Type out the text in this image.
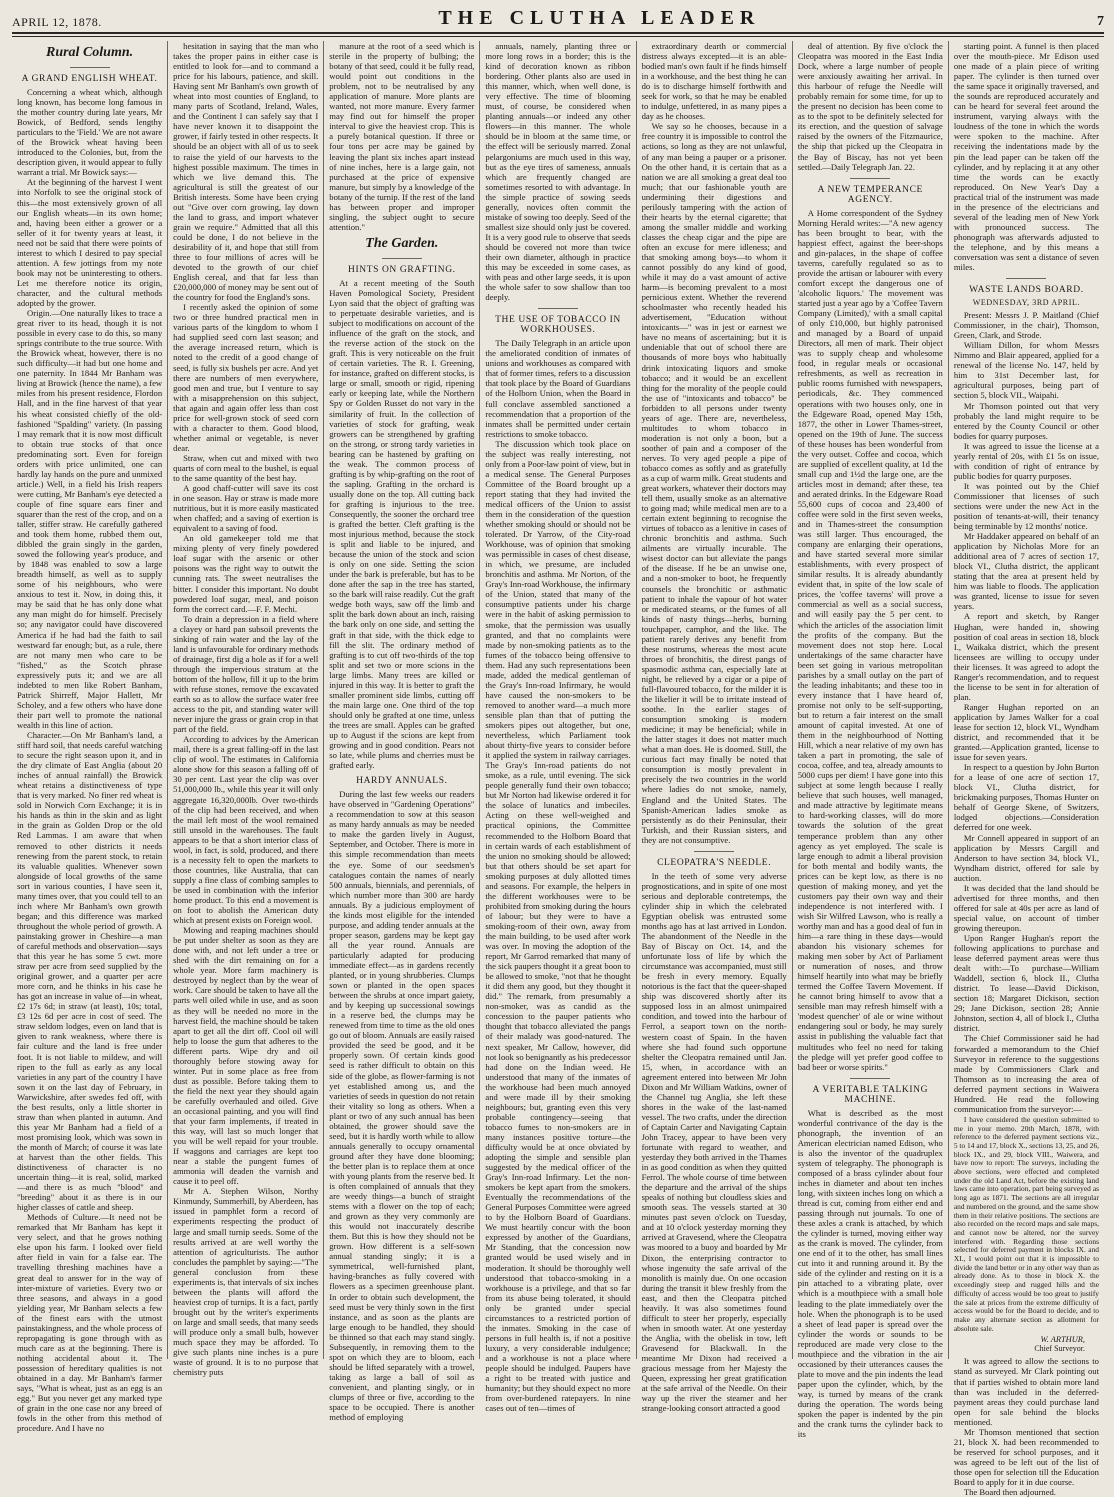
APRIL 12, 1878.	THE CLUTHA LEADER	7
Rural Column.
A GRAND ENGLISH WHEAT.

Concerning a wheat which, although long known, has become long famous in the mother country during late years, Mr Bowick, of Bedford, sends lengthy particulars to the 'Field.' We are not aware of the Browick wheat having been introduced to the Colonies, but, from the description given, it would appear to fully warrant a trial. Mr Bowick says:—

At the beginning of the harvest I went into Norfolk to see the original stock of this—the most extensively grown of all our English wheats—in its own home; and, having been either a grower or a seller of it for twenty years at least, it need not be said that there were points of interest to which I desired to pay special attention. A few jottings from my note book may not be uninteresting to others. Let me therefore notice its origin, character, and the cultural methods adopted by the grower.

Origin.—One naturally likes to trace a great river to its head, though it is not possible in every case to do this, so many springs contribute to the true source. With the Browick wheat, however, there is no such difficulty—it had but one home and one paternity. In 1844 Mr Banham was living at Browick (hence the name), a few miles from his present residence, Flordon Hall, and in the fine harvest of that year his wheat consisted chiefly of the old-fashioned "Spalding" variety. (In passing I may remark that it is now most difficult to obtain true stocks of that once predominating sort. Even for foreign orders with price unlimited, one can hardly lay hands on the pure and unmixed article.) Well, in a field his Irish reapers were cutting, Mr Banham's eye detected a couple of fine square ears finer and squarer than the rest of the crop, and on a taller, stiffer straw. He carefully gathered and took them home, rubbed them out, dibbled the grain singly in the garden, sowed the following year's produce, and by 1848 was enabled to sow a large breadth himself, as well as to supply some of his neighbours, who were anxious to test it. Now, in doing this, it may be said that he has only done what any man might do for himself. Precisely so; any navigator could have discovered America if he had had the faith to sail westward far enough; but, as a rule, there are not many men who care to be "fished," as the Scotch phrase expressively puts it; and we are all indebted to men like Robert Banham, Patrick Shirreff, Major Hallett, Mr Scholey, and a few others who have done their part well to promote the national wealth in this line of action.

Character.—On Mr Banham's land, a stiff hard soil, that needs careful watching to secure the right season upon it, and in the dry climate of East Anglia (about 20 inches of annual rainfall) the Browick wheat retains a distinctiveness of type that is very marked. No finer red wheat is sold in Norwich Corn Exchange; it is in his hands as thin in the skin and as light in the grain as Golden Drop or the old Red Lammas. I am aware that when removed to other districts it needs renewing from the parent stock, to retain its valuable qualities. Whenever sown alongside of local growths of the same sort in various counties, I have seen it, many times over, that you could tell to an inch where Mr Banham's own growth began; and this difference was marked throughout the whole period of growth. A painstaking grower in Cheshire—a man of careful methods and observation—says that this year he has some 5 cwt. more straw per acre from seed supplied by the original grower, and a quarter per acre more corn, and he thinks in his case he has got an increase in value of—in wheat, £2 17s 6d; in straw (at least), 10s; total, £3 12s 6d per acre in cost of seed. The straw seldom lodges, even on land that is given to rank weakness, where there is fair culture and the land is free under foot. It is not liable to mildew, and will ripen to the full as early as any local varieties in any part of the country I have sown it on the last day of February, in Warwickshire, after swedes fed off, with the best results, only a little shorter in straw than when planted in autumn. And this year Mr Banham had a field of a most promising look, which was sown in the month of March; of course it was late at harvest than the other fields. This distinctiveness of character is no uncertain thing—it is real, solid, marked—and there is as much "blood" and "breeding" about it as there is in our higher classes of cattle and sheep.

Methods of Culture.—It need not be remarked that Mr Banham has kept it very select, and that he grows nothing else upon his farm. I looked over field after field in vain for a false ear. The travelling threshing machines have a great deal to answer for in the way of inter-mixture of varieties. Every two or three seasons, and always in a good yielding year, Mr Banham selects a few of the finest ears with the utmost painstakingness, and the whole process of repropagating is gone through with as much care as at the beginning. There is nothing accidental about it. The possession of hereditary qualities is not obtained in a day. Mr Banham's farmer says, "What is wheat, just as an egg is an egg." But you never get any marked type of grain in the one case nor any breed of fowls in the other from this method of procedure. And I have no

hesitation in saying that the man who takes the proper pains in either case is entitled to look for—and to command a price for his labours, patience, and skill. Having sent Mr Banham's own growth of wheat into most counties of England, to many parts of Scotland, Ireland, Wales, and the Continent I can safely say that I have never known it to disappoint the grower, if fairly tested in other respects. It should be an object with all of us to seek to raise the yield of our harvests to the highest possible maximum. The times in which we live demand this. The agricultural is still the greatest of our British interests. Some have been crying out "Give over corn growing, lay down the land to grass, and import whatever grain we require." Admitted that all this could be done, I do not believe in the desirability of it, and hope that still from three to four millions of acres will be devoted to the growth of our chief English cereal, and that far less than £20,000,000 of money may be sent out of the country for food the England's sons.

I recently asked the opinion of some two or three hundred practical men in various parts of the kingdom to whom I had supplied seed corn last season; and the average increased return, which is noted to the credit of a good change of seed, is fully six bushels per acre. And yet there are numbers of men everywhere, good men and true, but I venture to say with a misapprehension on this subject, that again and again offer less than cost price for well-grown stock of seed corn with a character to them. Good blood, whether animal or vegetable, is never dear.

Straw, when cut and mixed with two quarts of corn meal to the bushel, is equal to the same quantity of the best hay.

A good chaff-cutter will save its cost in one season. Hay or straw is made more nutritious, but it is more easily masticated when chaffed; and a saving of exertion is equivalent to a saving of food.

An old gamekeeper told me that mixing plenty of very finely powdered loaf sugar with the arsenic or other poisons was the right way to outwit the cunning rats. The sweet neutralises the bitter. I consider this important. No doubt powdered loaf sugar, meal, and poison form the correct card.—F. F. Mechi.

To drain a depression in a field where a clayey or hard pan subsoil prevents the sinking of rain water and the lay of the land is unfavourable for ordinary methods of drainage, first dig a hole as if for a well through the impervious stratum at the bottom of the hollow, fill it up to the brim with refuse stones, remove the excavated earth so as to allow the surface water free access to the pit, and standing water will never injure the grass or grain crop in that part of the field.

According to advices by the American mail, there is a great falling-off in the last clip of wool. The estimates in California alone show for this season a falling off of 30 per cent. Last year the clip was over 51,000,000 lb., while this year it will only aggregate 16,320,000lb. Over two-thirds of the clip had been received, and when the mail left most of the wool remained still unsold in the warehouses. The fault appears to be that a short interior class of wool, in fact, is sold, produced, and there is a necessity felt to open the markets to those countries, like Australia, that can supply a fine class of combing samples to be used in combination with the inferior home product. To this end a movement is on foot to abolish the American duty which at present exists on Foreign wool.

Mowing and reaping machines should be put under shelter as soon as they are done with, and not left under a tree or shed with the dirt remaining on for a whole year. More farm machinery is destroyed by neglect than by the wear of work. Care should be taken to have all the parts well oiled while in use, and as soon as they will be needed no more in the harvest field, the machine should be taken apart to get all the dirt off. Cool oil will help to loose the gum that adheres to the different parts. Wipe dry and oil thoroughly before stowing away for winter. Put in some place as free from dust as possible. Before taking them to the field the next year they should again be carefully overhauled and oiled. Give an occasional painting, and you will find that your farm implements, if treated in this way, will last so much longer that you will be well repaid for your trouble. If waggons and carriages are kept too near a stable the pungent fumes of ammonia will deaden the varnish and cause it to peel off.

Mr A. Stephen Wilson, Northy Kinmundy, Summerhill, by Aberdeen, has issued in pamphlet form a record of experiments respecting the product of large and small turnip seeds. Some of the results arrived at are well worthy the attention of agriculturists. The author concludes the pamphlet by saying:—"The general conclusion from these experiments is, that intervals of six inches between the plants will afford the heaviest crop of turnips. It is a fact, partly brought out by the writer's experiments on large and small seeds, that many seeds will produce only a small bulb, however much space they may be afforded. To give such plants nine inches is a pure waste of ground. It is to no purpose that chemistry puts

manure at the root of a seed which is sterile in the property of bulbing; the botany of that seed, could it be fully read, would point out conditions in the problem, not to be neutralised by any application of manure. More plants are wanted, not more manure. Every farmer may find out for himself the proper interval to give the heaviest crop. This is a purely botanical question. If three or four tons per acre may be gained by leaving the plant six inches apart instead of nine inches, here is a large gain, not purchased at the price of expensive manure, but simply by a knowledge of the botany of the turnip. If the rest of the land has between proper and improper singling, the subject ought to secure attention."

The Garden.
HINTS ON GRAFTING.

At a recent meeting of the South Haven Pomological Society, President Lyon said that the object of grafting was to perpetuate desirable varieties, and is subject to modifications on account of the influence of the graft on the stock, and the reverse action of the stock on the graft. This is very noticeable on the fruit of certain varieties. The R. I. Greening, for instance, grafted on different stocks, is large or small, smooth or rigid, ripening early or keeping late, while the Northern Spy or Golden Russet do not vary in the similarity of fruit. In the collection of varieties of stock for grafting, weak growers can be strengthened by grafting on the strong, or strong tardy varieties in bearing can be hastened by grafting on the weak. The common process of grafting is by whip-grafting on the root of the sapling. Grafting in the orchard is usually done on the top. All cutting back for grafting is injurious to the tree. Consequently, the sooner the orchard tree is grafted the better. Cleft grafting is the most injurious method, because the stock is split and liable to be injured, and because the union of the stock and scion is only on one side. Setting the scion under the bark is preferable, but has to be done after the sap in the tree has started, so the bark will raise readily. Cut the graft wedge both ways, saw off the limb and split the bark down about an inch, raising the bark only on one side, and setting the graft in that side, with the thick edge to fill the slit. The ordinary method of grafting is to cut off two-thirds of the top split and set two or more scions in the large limbs. Many trees are killed or injured in this way. It is better to graft the smaller prominent side limbs, cutting off the main large one. One third of the top should only be grafted at one time, unless the trees are small. Apples can be grafted up to August if the scions are kept from growing and in good condition. Pears not so late, while plums and cherries must be grafted early.

HARDY ANNUALS.

During the last few weeks our readers have observed in "Gardening Operations" a recommendation to sow at this season as many hardy annuals as may be needed to make the garden lively in August, September, and October. There is more in this simple recommendation than meets the eye. Some of our seedsmen's catalogues contain the names of nearly 500 annuals, biennials, and perennials, of which number more than 300 are hardy annuals. By a judicious employment of the kinds most eligible for the intended purpose, and adding tender annuals at the proper season, gardens may be kept gay all the year round. Annuals are particularly adapted for producing immediate effect—as in gardens recently planted, or in young shrubberies. Clumps sown or planted in the open spaces between the shrubs at once impart gaiety, and by keeping up successional sowings in a reserve bed, the clumps may be renewed from time to time as the old ones go out of bloom. Annuals are easily raised provided the seed be good, and it be properly sown. Of certain kinds good seed is rather difficult to obtain on this side of the globe, as flower-farming is not yet established among us, and the varieties of seeds in question do not retain their vitality so long as others. When a plant or two of any such annual has been obtained, the grower should save the seed, but it is hardly worth while to allow annuals generally to occupy ornamental ground after they have done blooming; the better plan is to replace them at once with young plants from the reserve bed. It is often complained of annuals that they are weedy things—a bunch of straight stems with a flower on the top of each; and grown as they very commonly are this would not inaccurately describe them. But this is how they should not be grown. How different is a self-sown annual standing singly; it is a symmetrical, well-furnished plant, having-branches as fully covered with flowers as a specimen greenhouse plant. In order to obtain such development, the seed must be very thinly sown in the first instance, and as soon as the plants are large enough to be handled, they should be thinned so that each may stand singly. Subsequently, in removing them to the spot on which they are to bloom, each should be lifted separately with a trowel, taking as large a ball of soil as convenient, and planting singly, or in clumps of three or five, according to the space to be occupied. There is another method of employing

annuals, namely, planting three or more long rows in a border; this is the kind of decoration known as ribbon bordering. Other plants also are used in this manner, which, when well done, is very effective. The time of blooming must, of course, be considered when planting annuals—or indeed any other flowers—in this manner. The whole should be in bloom at the same time, or the effect will be seriously marred. Zonal pelargoniums are much used in this way, but as the eye tires of sameness, annuals which are frequently changed are sometimes resorted to with advantage. In the simple practice of sowing seeds generally, novices often commit the mistake of sowing too deeply. Seed of the smallest size should only just be covered. It is a very good rule to observe that seeds should be covered not more than twice their own diameter, although in practice this may be exceeded in some cases, as with peas and other large seeds, it is upon the whole safer to sow shallow than too deeply.

THE USE OF TOBACCO IN WORKHOUSES.

The Daily Telegraph in an article upon the ameliorated condition of inmates of unions and workhouses as compared with that of former times, refers to a discussion that took place by the Board of Guardians of the Holborn Union, when the Board in full conclave assembled sanctioned a recommendation that a proportion of the inmates shall be permitted under certain restrictions to smoke tobacco.

The discussion which took place on the subject was really interesting, not only from a Poor-law point of view, but in a medical sense. The General Purposes Committee of the Board brought up a report stating that they had invited the medical officers of the Union to assist them in the consideration of the question whether smoking should or should not be tolerated. Dr Yarrow, of the City-road Workhouse, was of opinion that smoking was permissible in cases of chest disease, in which, we presume, are included bronchitis and asthma. Mr Norton, of the Gray's Inn-road Workhouse, the infirmary of the Union, stated that many of the consumptive patients under his charge were in the habit of asking permission to smoke, that the permission was usually granted, and that no complaints were made by non-smoking patients as to the fumes of the tobacco being offensive to them. Had any such representations been made, added the medical gentleman of the Gray's Inn-road Infirmary, he would have caused the non-smokers to be removed to another ward—a much more sensible plan than that of putting the smokers pipes out altogether, but one, nevertheless, which Parliament took about thirty-five years to consider before it applied the system in railway carriages. The Gray's Inn-road patients do not smoke, as a rule, until evening. The sick people generally fund their own tobacco; but Mr Norton had likewise ordered it for the solace of lunatics and imbeciles. Acting on these well-weighed and practical opinions, the Committee recommended to the Holborn Board that in certain wards of each establishment of the union no smoking should be allowed; but that others should be set apart for smoking purposes at duly allotted times and seasons. For example, the helpers in the different workhouses were to be prohibited from smoking during the hours of labour; but they were to have a smoking-room of their own, away from the main building, to be used after work was over. In moving the adoption of the report, Mr Garrod remarked that many of the sick paupers thought it a great boon to be allowed to smoke, "not that he thought it did them any good, but they thought it did." The remark, from presumably a non-smoker, was as candid as the concession to the pauper patients who thought that tobacco alleviated the pangs of their malady was good-natured. The next speaker, Mr Callow, however, did not look so benignantly as his predecessor had done on the Indian weed. He understood that many of the inmates of the workhouse had been much annoyed and were made ill by their smoking neighbours; but, granting even this very probable contingency—seeing that tobacco fumes to non-smokers are in many instances positive torture—the difficulty would be at once obviated by adopting the simple and sensible plan suggested by the medical officer of the Gray's Inn-road Infirmary. Let the non-smokers be kept apart from the smokers. Eventually the recommendations of the General Purposes Committee were agreed to by the Holborn Board of Guardians. We must heartily concur with the boon expressed by another of the Guardians, Mr Standing, that the concession now granted would be used wisely and in moderation. It should be thoroughly well understood that tobacco-smoking in a workhouse is a privilege, and that so far from its abuse being tolerated, it should only be granted under special circumstances to a restricted portion of the inmates. Smoking in the case of persons in full health is, if not a positive luxury, a very considerable indulgence; and a workhouse is not a place where people should be indulged. Paupers have a right to be treated with justice and humanity; but they should expect no more from over-burdened ratepayers. In nine cases out of ten—times of

extraordinary dearth or commercial distress always excepted—it is an able-bodied man's own fault if he finds himself in a workhouse, and the best thing he can do is to discharge himself forthwith and seek for work, so that he may be enabled to indulge, unfettered, in as many pipes a day as he chooses.

We say so he chooses, because in a free country it is impossible to control the actions, so long as they are not unlawful, of any man being a pauper or a prisoner. On the other hand, it is certain that as a nation we are all smoking a great deal too much; that our fashionable youth are undermining their digestions and perilously tampering with the action of their hearts by the eternal cigarette; that among the smaller middle and working classes the cheap cigar and the pipe are often an excuse for mere idleness; and that smoking among boys—to whom it cannot possibly do any kind of good, while it may do a vast amount of active harm—is becoming prevalent to a most pernicious extent. Whether the reverend schoolmaster who recently headed his advertisement, "Education without intoxicants—" was in jest or earnest we have no means of ascertaining; but it is undeniable that out of school there are thousands of more boys who habitually drink intoxicating liquors and smoke tobacco; and it would be an excellent thing for the morality of the people could the use of "intoxicants and tobacco" be forbidden to all persons under twenty years of age. There are, nevertheless, multitudes to whom tobacco in moderation is not only a boon, but a soother of pain and a composer of the nerves. To very aged people a pipe of tobacco comes as softly and as gratefully as a cup of warm milk. Great students and great workers, whatever their doctors may tell them, usually smoke as an alternative to going mad; while medical men are to a certain extent beginning to recognise the virtues of tobacco as a lenitive in cases of chronic bronchitis and asthma. Such ailments are virtually incurable. The wisest doctor can but alleviate the pangs of the disease. If he be an unwise one, and a non-smoker to boot, he frequently counsels the bronchitic or asthmatic patient to inhale the vapour of hot water or medicated steams, or the fumes of all kinds of nasty things—herbs, burning touchpaper, camphor, and the like. The patient rarely derives any benefit from these nostrums, whereas the most acute throes of bronchitis, the direst pangs of spasmodic asthma can, especially late at night, be relieved by a cigar or a pipe of full-flavoured tobacco, for the milder it is the likelier it will be to irritate instead of soothe. In the earlier stages of consumption smoking is modern medicine; it may be beneficial; while in the latter stages it does not matter much what a man does. He is doomed. Still, the curious fact may finally be noted that consumption is mostly prevalent in precisely the two countries in the world where ladies do not smoke, namely, England and the United States. The Spanish-American ladies smoke as persistently as do their Peninsular, their Turkish, and their Russian sisters, and they are not consumptive.

CLEOPATRA'S NEEDLE.

In the teeth of some very adverse prognostications, and in spite of one most serious and deplorable contretemps, the cylinder ship in which the celebrated Egyptian obelisk was entrusted some months ago has at last arrived in London. The abandonment of the Needle in the Bay of Biscay on Oct. 14, and the unfortunate loss of life by which the circumstance was accompanied, must still be fresh in every memory. Equally notorious is the fact that the queer-shaped ship was discovered shortly after its supposed loss in an almost unimpaired condition, and towed into the harbour of Ferrol, a seaport town on the north-western coast of Spain. In the haven where she had found such opportune shelter the Cleopatra remained until Jan. 15, when, in accordance with an agreement entered into between Mr John Dixon and Mr William Watkins, owner of the Channel tug Anglia, she left these shores in the wake of the last-named vessel. The two crafts, under the direction of Captain Carter and Navigating Captain John Tracey, appear to have been very fortunate with regard to weather, and yesterday they both arrived in the Thames in as good condition as when they quitted Ferrol. The whole course of time between the departure and the arrival of the ships speaks of nothing but cloudless skies and smooth seas. The vessels started at 30 minutes past seven o'clock on Tuesday, and at 10 o'clock yesterday morning they arrived at Gravesend, where the Cleopatra was moored to a buoy and boarded by Mr Dixon, the enterprising contractor to whose ingenuity the safe arrival of the monolith is mainly due. On one occasion during the transit it blew freshly from the east, and then the Cleopatra pitched heavily. It was also sometimes found difficult to steer her properly, especially when in smooth water. At one yesterday the Anglia, with the obelisk in tow, left Gravesend for Blackwall. In the meantime Mr Dixon had received a gracious message from her Majesty the Queen, expressing her great gratification at the safe arrival of the Needle. On their way up the river the steamer and her strange-looking consort attracted a good

deal of attention. By five o'clock the Cleopatra was moored in the East India Dock, where a large number of people were anxiously awaiting her arrival. In this harbour of refuge the Needle will probably remain for some time, for up to the present no decision has been come to as to the spot to be definitely selected for its erection, and the question of salvage raised by the owners of the Fitzmaurice, the ship that picked up the Cleopatra in the Bay of Biscay, has not yet been settled.—Daily Telegraph Jan. 22.

A NEW TEMPERANCE AGENCY.

A Home correspondent of the Sydney Morning Herald writes:—"A new agency has been brought to bear, with the happiest effect, against the beer-shops and gin-palaces, in the shape of coffee taverns, carefully regulated so as to provide the artisan or labourer with every comfort except the dangerous one of 'alcoholic liquors.' The movement was started just a year ago by a 'Coffee Tavern Company (Limited),' with a small capital of only £10,000, but highly patronised and managed by a Board of unpaid Directors, all men of mark. Their object was to supply cheap and wholesome food, in regular meals or occasional refreshments, as well as recreation in public rooms furnished with newspapers, periodicals, &c. They commenced operations with two houses only, one in the Edgeware Road, opened May 15th, 1877, the other in Lower Thames-street, opened on the 19th of June. The success of these houses has been wonderful from the very outset. Coffee and cocoa, which are supplied of excellent quality, at 1d the small cup and 1½d the large one, are the articles most in demand; after these, tea and aerated drinks. In the Edgeware Road 55,600 cups of cocoa and 23,400 of coffee were sold in the first seven weeks, and in Thames-street the consumption was still larger. Thus encouraged, the company are enlarging their operations, and have started several more similar establishments, with every prospect of similar results. It is already abundantly evident that, in spite of the low scale of prices, the 'coffee taverns' will prove a commercial as well as a social success, and will easily pay the 5 per cent. to which the articles of the association limit the profits of the company. But the movement does not stop here. Local undertakings of the same character have been set going in various metropolitan parishes by a small outlay on the part of the leading inhabitants; and these too in every instance that I have heard of, promise not only to be self-supporting, but to return a fair interest on the small amount of capital invested. At one of them in the neighbourhood of Notting Hill, which a near relative of my own has taken a part in promoting, the sale of cocoa, coffee, and tea, already amounts to 5000 cups per diem! I have gone into this subject at some length because I really believe that such houses, well managed, and made attractive by legitimate means to hard-working classes, will do more towards the solution of the great temperance problem than any other agency as yet employed. The scale is large enough to admit a liberal provision for both mental and bodily wants, the prices can be kept low, as there is no question of making money, and yet the customers pay their own way and their independence is not interfered with. I wish Sir Wilfred Lawson, who is really a worthy man and has a good deal of fun in him—a rare thing in these days—would abandon his visionary schemes for making men sober by Act of Parliament or numeration of noses, and throw himself heartily into what may be briefly termed the Coffee Tavern Movement. If he cannot bring himself to avow that a sensible man may refresh himself with a 'modest quencher' of ale or wine without endangering soul or body, he may surely assist in publishing the valuable fact that multitudes who feel no need for taking the pledge will yet prefer good coffee to bad beer or worse spirits."

A VERITABLE TALKING MACHINE.

What is described as the most wonderful contrivance of the day is the phonograph, the invention of an American electrician named Edison, who is also the inventor of the quadruplex system of telegraphy. The phonograph is composed of a brass cylinder about four inches in diameter and about ten inches long, with sixteen inches long on which a thread is cut, coming from either end and passing through nut journals. To one of these axles a crank is attached, by which the cylinder is turned, moving either way as the crank is moved. The cylinder, from one end of it to the other, has small lines cut into it and running around it. By the side of the cylinder and resting on it is a pin attached to a vibrating plate, over which is a mouthpiece with a small hole leading to the plate immediately over the hole. When the phonograph is to be used a sheet of lead paper is spread over the cylinder the words or sounds to be reproduced are made very close to the mouthpiece and the vibration in the air occasioned by their utterances causes the plate to move and the pin indents the lead paper upon the cylinder, which, by the way, is turned by means of the crank during the operation. The words being spoken the paper is indented by the pin and the crank turns the cylinder back to its

starting point. A funnel is then placed over the mouth-piece. Mr Edison used one made of a plain piece of writing paper. The cylinder is then turned over the same space it originally traversed, and the sounds are reproduced accurately and can be heard for several feet around the instrument, varying always with the loudness of the tone in which the words were spoken to the machine. After receiving the indentations made by the pin the lead paper can be taken off the cylinder, and by replacing it at any other time the words can be exactly reproduced. On New Year's Day a practical trial of the instrument was made in the presence of the electricians and several of the leading men of New York with pronounced success. The phonograph was afterwards adjusted to the telephone, and by this means a conversation was sent a distance of seven miles.

WASTE LANDS BOARD.
WEDNESDAY, 3RD APRIL.

Present: Messrs J. P. Maitland (Chief Commissioner, in the chair), Thomson, Green, Clark, and Strode.

William Dillon, for whom Messrs Nimmo and Blair appeared, applied for a renewal of the license No. 147, held by him to 31st December last, for agricultural purposes, being part of section 5, block VII., Waipahi.

Mr Thomson pointed out that very probably the land might require to be entered by the County Council or other bodies for quarry purposes.

It was agreed to issue the license at a yearly rental of 20s, with £1 5s on issue, with condition of right of entrance by public bodies for quarry purposes.

It was pointed out by the Chief Commissioner that licenses of such sections were under the new Act in the position of tenants-at-will, their tenancy being terminable by 12 months' notice.

Mr Haddaker appeared on behalf of an application by Nicholas More for an additional area of 7 acres of section 17, block VI., Clutha district, the applicant stating that the area at present held by him was liable to floods. The application was granted, license to issue for seven years.

A report and sketch, by Ranger Hughan, were handed in, showing position of coal areas in section 18, block I., Waikaka district, which the present licensees are willing to occupy under their licenses. It was agreed to adopt the Ranger's recommendation, and to request the license to be sent in for alteration of plan.

Ranger Hughan reported on an application by James Walker for a coal lease for section 12, block VI., Wyndham district, and recommended that it be granted.—Application granted, license to issue for seven years.

In respect to a question by John Burton for a lease of one acre of section 17, block VI., Clutha district, for brickmaking purposes, Thomas Hunter on behalf of George Skene, of Switzers, lodged objections.—Consideration deferred for one week.

Mr Connell appeared in support of an application by Messrs Cargill and Anderson to have section 34, block VI., Wyndham district, offered for sale by auction.

It was decided that the land should be advertised for three months, and then offered for sale at 40s per acre as land of special value, on account of timber growing thereupon.

Upon Ranger Hughan's report the following applications to purchase and lease deferred payment areas were thus dealt with:—To purchase—William Waddell, section 6, block II., Clutha district. To lease—David Dickison, section 18; Margaret Dickison, section 29; Jane Dickison, section 28; Annie Johnston, section 4, all of block I., Clutha district.

The Chief Commissioner said he had forwarded a memorandum to the Chief Surveyor in reference to the suggestions made by Commissioners Clark and Thomson as to increasing the area of deferred payment sections in Waiwera Hundred. He read the following communication from the surveyor:—

I have considered the question submitted to me in your memo. 20th March, 1878, with reference to the deferred payment sections viz., 5 to 14 and 17, block X., sections 13, 25, and 26, block IX., and 29, block VIII., Waiwera, and have now to report: The surveys, including the above sections, were effected and completed under the old Land Act, before the existing land laws came into operation, part being surveyed as long ago as 1871. The sections are all irregular and numbered on the ground, and the same show them in their relative positions. The sections are also recorded on the record maps and sale maps, and cannot now be altered, nor the survey interfered with. Regarding those sections selected for deferred payment in blocks IX. and XI., I would point out that it is impossible to divide the land better or in any other way than as already done. As to those in block X. the exceedingly steep and rugged hills and the difficulty of access would be too great to justify the sale at prices from the extreme difficulty of access would be for the Board to decide, and to make any alternate section as allotment for absolute sale.

W. ARTHUR,
Chief Surveyor.

It was agreed to allow the sections to stand as surveyed. Mr Clark pointing out that if parties wished to obtain more land than was included in the deferred-payment areas they could purchase land open for sale behind the blocks mentioned.

Mr Thomson mentioned that section 21, block X. had been recommended to be reserved for school purposes, and it was agreed to be left out of the list of those open for selection till the Education Board to apply for it in due course.

The Board then adjourned.
